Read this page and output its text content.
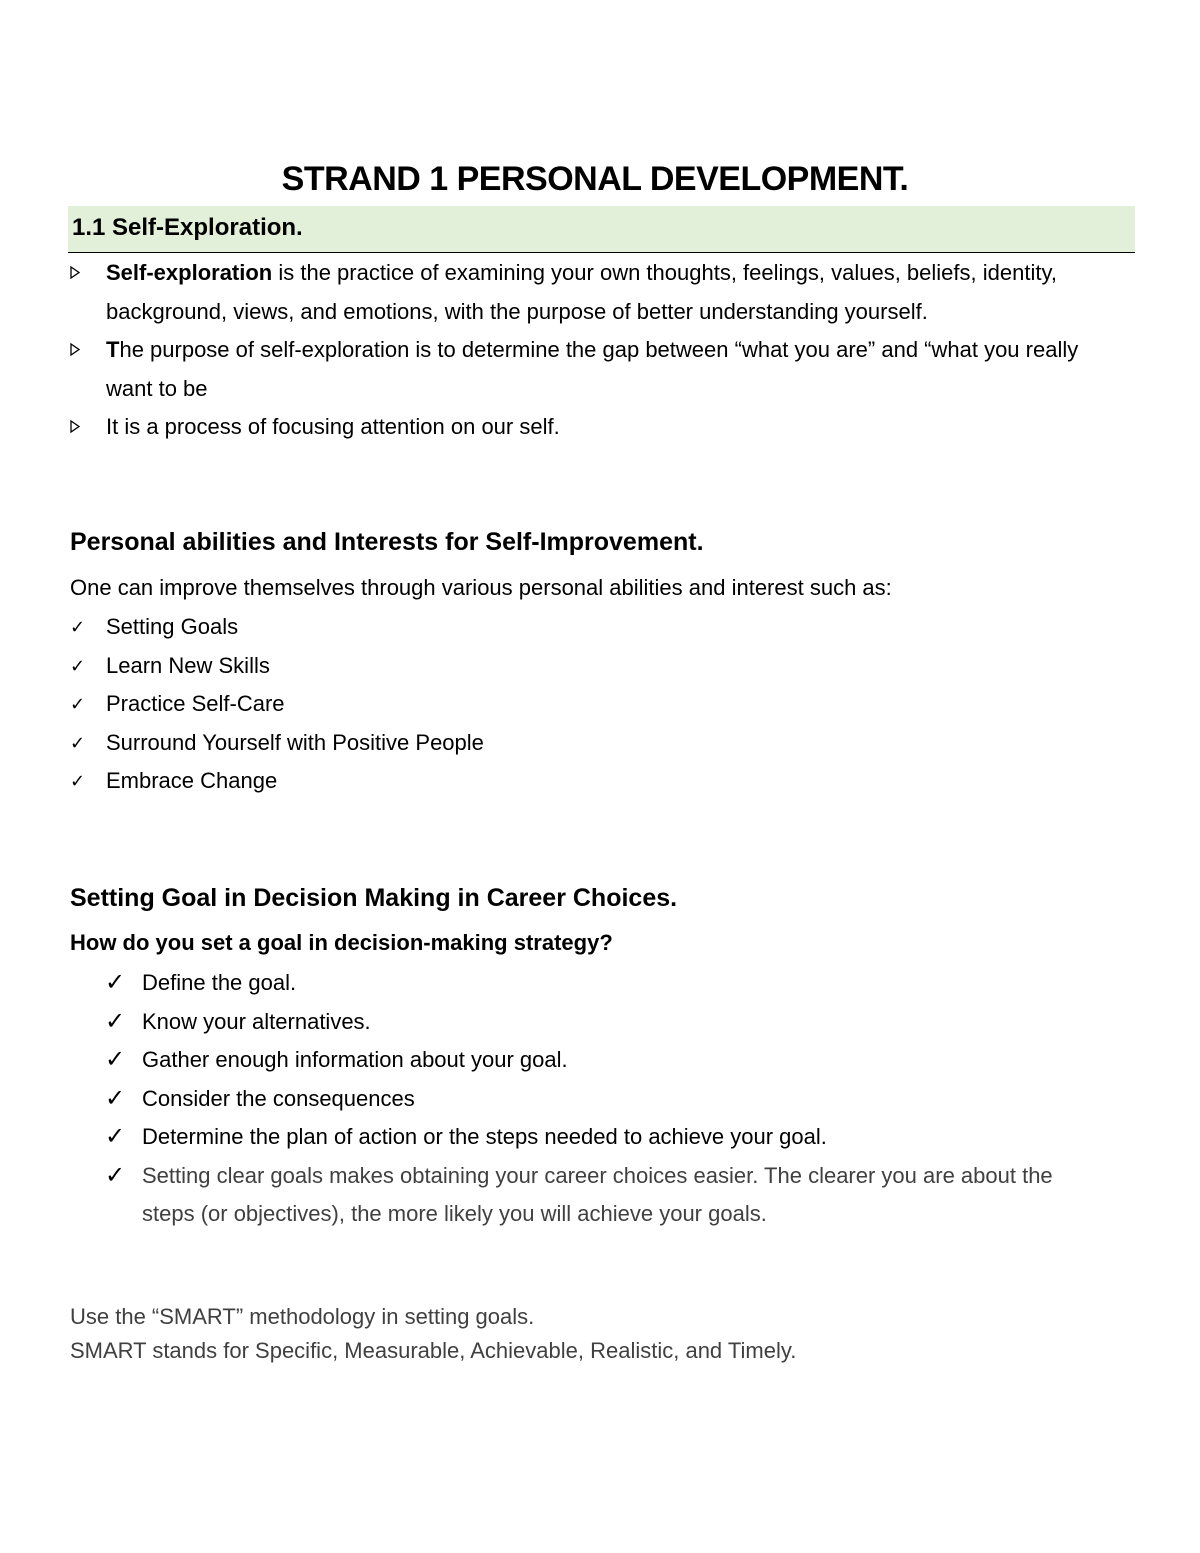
STRAND 1 PERSONAL DEVELOPMENT.
1.1 Self-Exploration.
Self-exploration is the practice of examining your own thoughts, feelings, values, beliefs, identity, background, views, and emotions, with the purpose of better understanding yourself.
The purpose of self-exploration is to determine the gap between “what you are” and “what you really want to be
It is a process of focusing attention on our self.
Personal abilities and Interests for Self-Improvement.
One can improve themselves through various personal abilities and interest such as:
✓ Setting Goals
✓ Learn New Skills
✓ Practice Self-Care
✓ Surround Yourself with Positive People
✓ Embrace Change
Setting Goal in Decision Making in Career Choices.
How do you set a goal in decision-making strategy?
✓ Define the goal.
✓ Know your alternatives.
✓ Gather enough information about your goal.
✓ Consider the consequences
✓ Determine the plan of action or the steps needed to achieve your goal.
✓ Setting clear goals makes obtaining your career choices easier. The clearer you are about the steps (or objectives), the more likely you will achieve your goals.
Use the “SMART” methodology in setting goals.
SMART stands for Specific, Measurable, Achievable, Realistic, and Timely.
